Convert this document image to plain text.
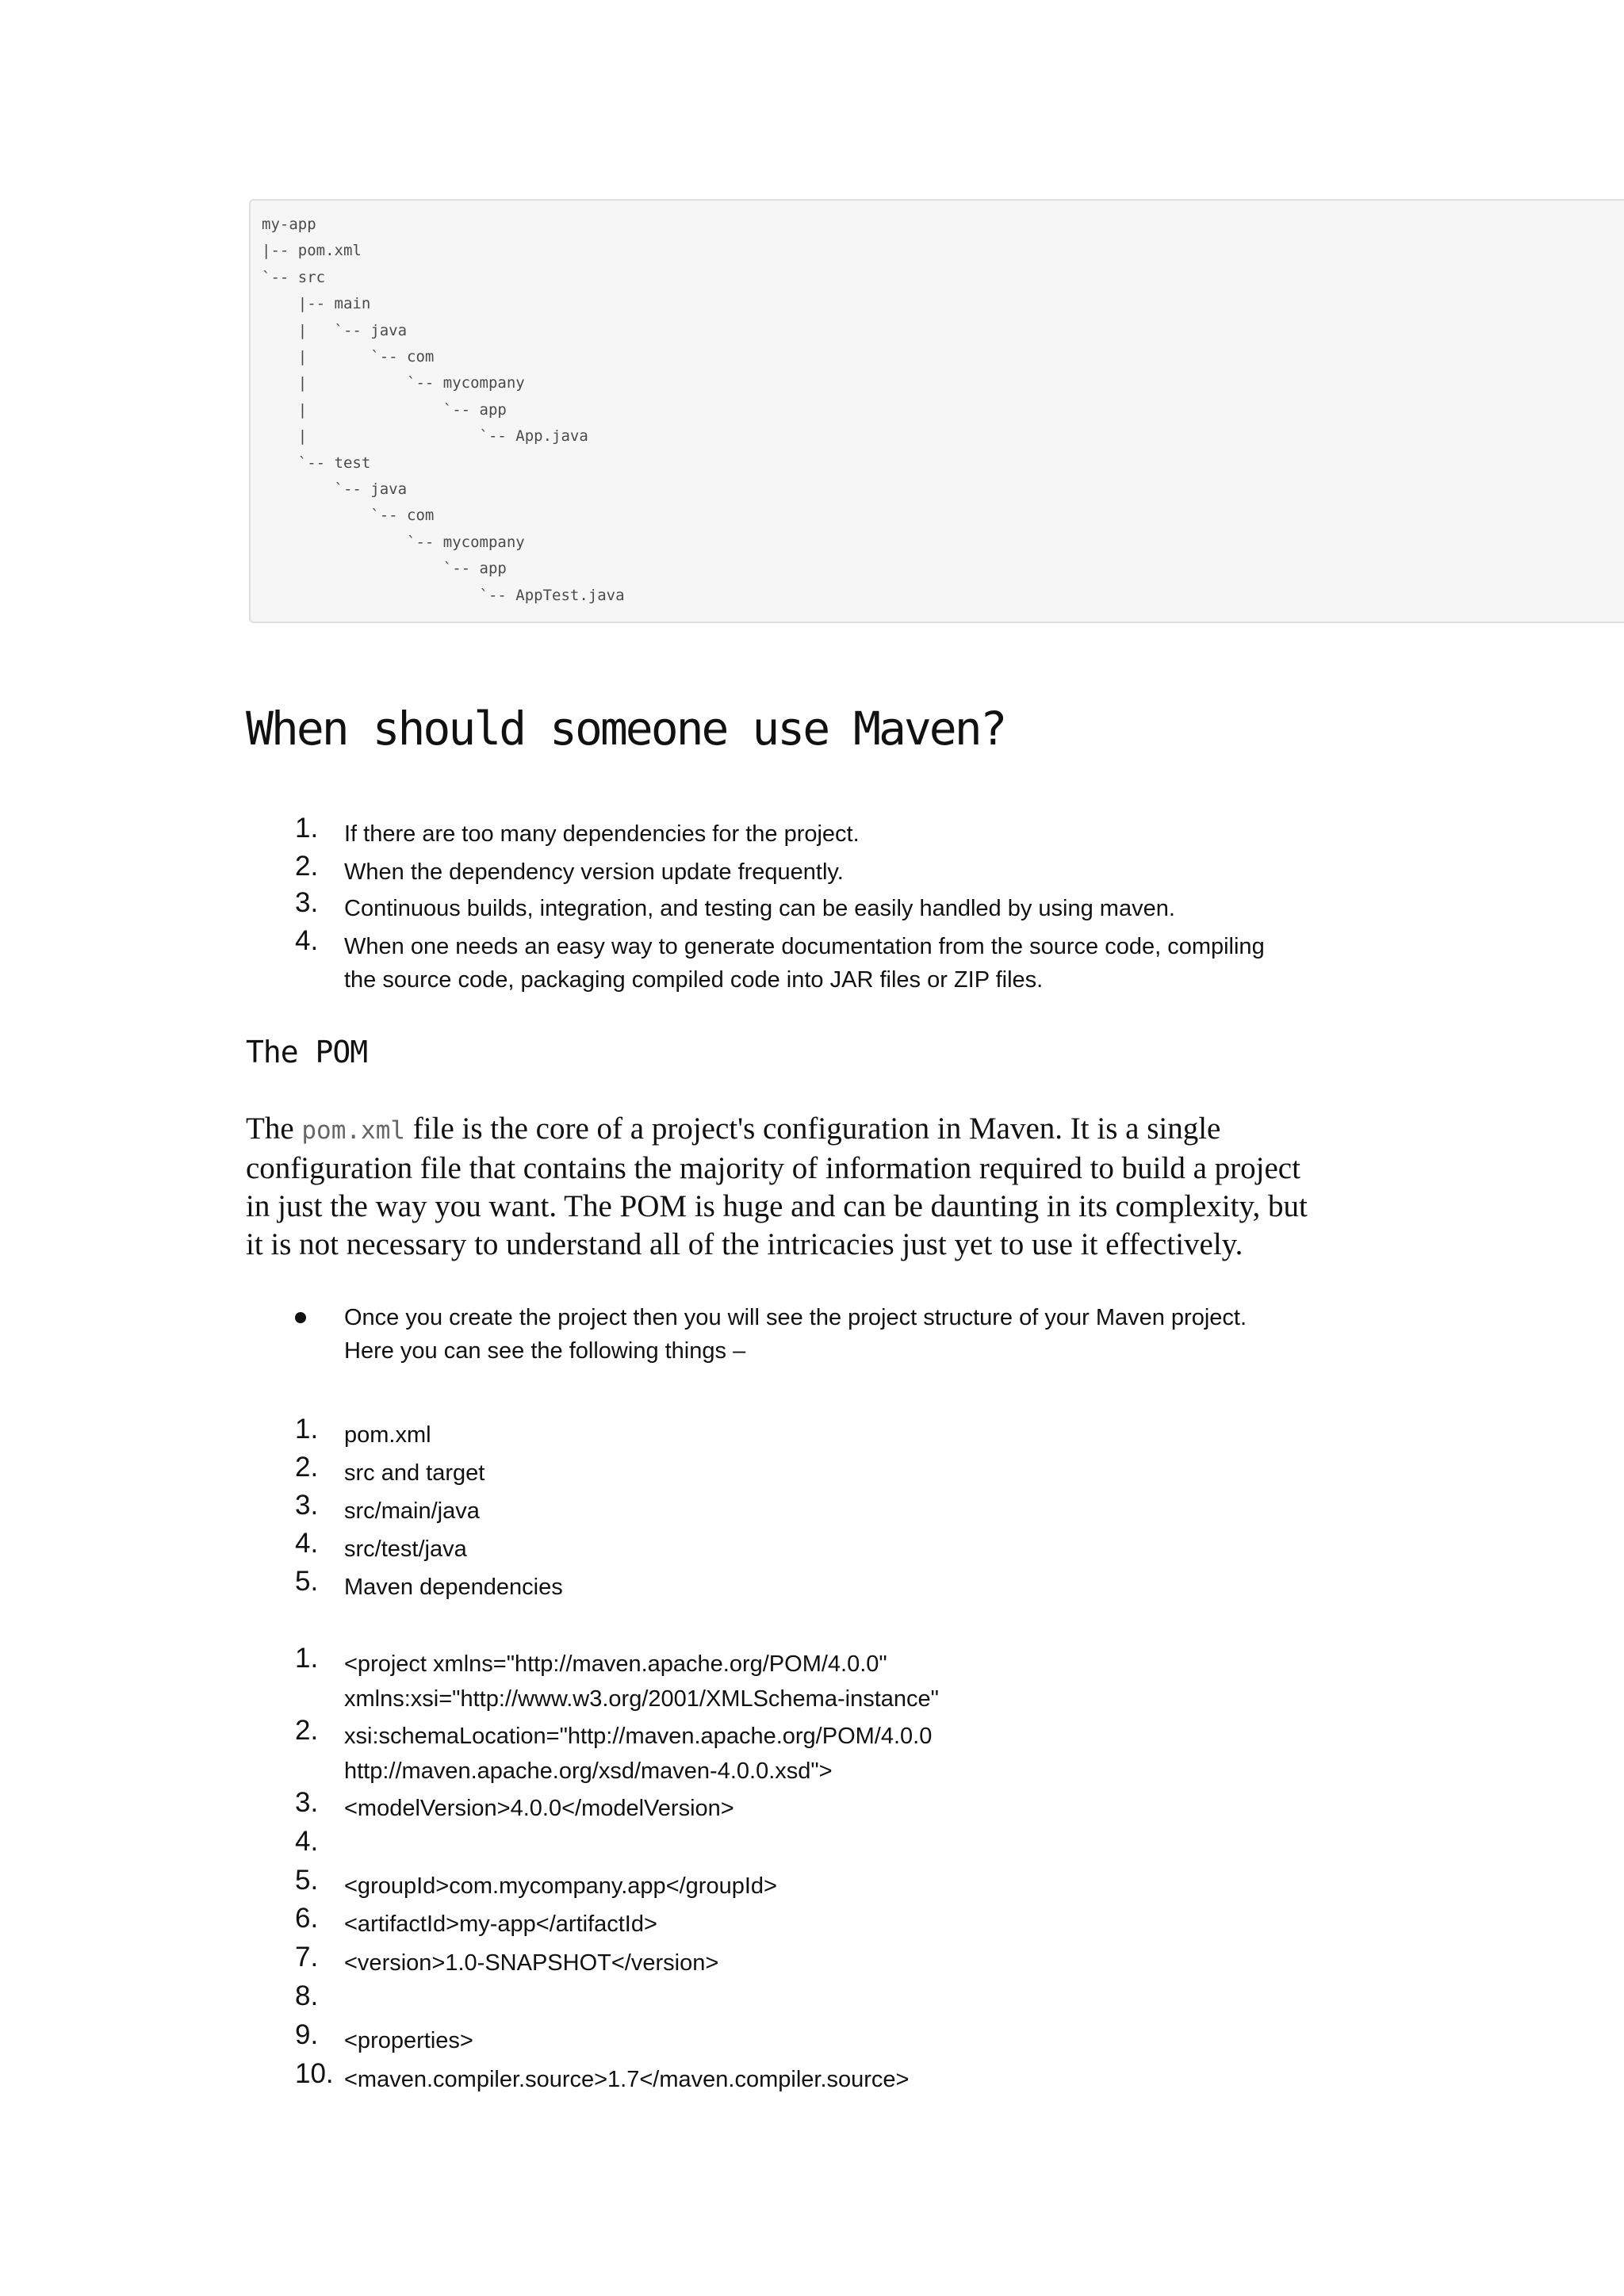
my-app
|-- pom.xml
`-- src
|-- main
|   `-- java
|       `-- com
|           `-- mycompany
|               `-- app
|                   `-- App.java
`-- test
`-- java
`-- com
`-- mycompany
`-- app
`-- AppTest.java
When should someone use Maven?
1. If there are too many dependencies for the project.
2. When the dependency version update frequently.
3. Continuous builds, integration, and testing can be easily handled by using maven.
4. When one needs an easy way to generate documentation from the source code, compiling
the source code, packaging compiled code into JAR files or ZIP files.
The POM
The pom.xml file is the core of a project's configuration in Maven. It is a single
configuration file that contains the majority of information required to build a project
in just the way you want. The POM is huge and can be daunting in its complexity, but
it is not necessary to understand all of the intricacies just yet to use it effectively.
Once you create the project then you will see the project structure of your Maven project.
Here you can see the following things –
1. pom.xml
2. src and target
3. src/main/java
4. src/test/java
5. Maven dependencies
1. <project xmlns="http://maven.apache.org/POM/4.0.0"
xmlns:xsi="http://www.w3.org/2001/XMLSchema-instance"
2. xsi:schemaLocation="http://maven.apache.org/POM/4.0.0
http://maven.apache.org/xsd/maven-4.0.0.xsd">
3. <modelVersion>4.0.0</modelVersion>
4.
5. <groupId>com.mycompany.app</groupId>
6. <artifactId>my-app</artifactId>
7. <version>1.0-SNAPSHOT</version>
8.
9. <properties>
10. <maven.compiler.source>1.7</maven.compiler.source>
